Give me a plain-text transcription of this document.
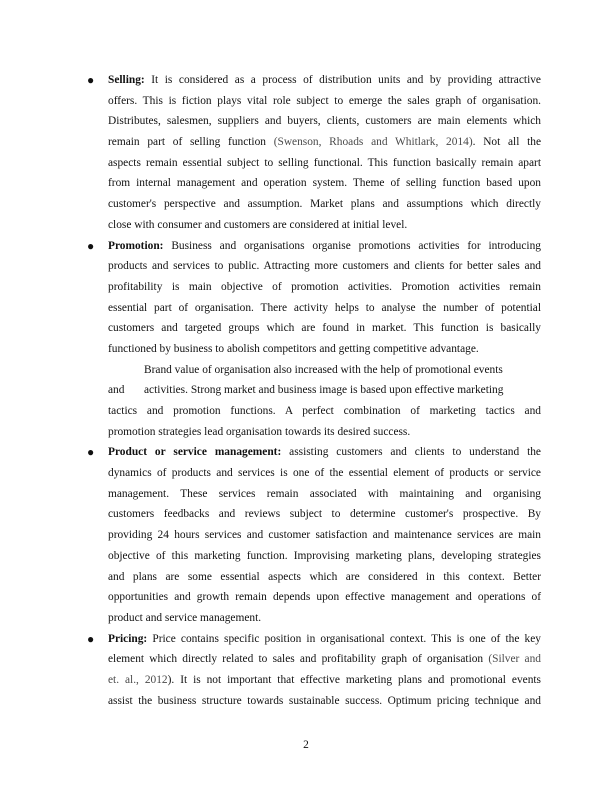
● Selling: It is considered as a process of distribution units and by providing attractive
offers. This is fiction plays vital role subject to emerge the sales graph of organisation.
Distributes, salesmen, suppliers and buyers, clients, customers are main elements which
remain part of selling function (Swenson, Rhoads and Whitlark, 2014). Not all the
aspects remain essential subject to selling functional. This function basically remain apart
from internal management and operation system. Theme of selling function based upon
customer's perspective and assumption. Market plans and assumptions which directly
close with consumer and customers are considered at initial level.
● Promotion: Business and organisations organise promotions activities for introducing
products and services to public. Attracting more customers and clients for better sales and
profitability is main objective of promotion activities. Promotion activities remain
essential part of organisation. There activity helps to analyse the number of potential
customers and targeted groups which are found in market. This function is basically
functioned by business to abolish competitors and getting competitive advantage.
Brand value of organisation also increased with the help of promotional events
and activities. Strong market and business image is based upon effective marketing
tactics and promotion functions. A perfect combination of marketing tactics and
promotion strategies lead organisation towards its desired success.
● Product or service management: assisting customers and clients to understand the
dynamics of products and services is one of the essential element of products or service
management. These services remain associated with maintaining and organising
customers feedbacks and reviews subject to determine customer's prospective. By
providing 24 hours services and customer satisfaction and maintenance services are main
objective of this marketing function. Improvising marketing plans, developing strategies
and plans are some essential aspects which are considered in this context. Better
opportunities and growth remain depends upon effective management and operations of
product and service management.
● Pricing: Price contains specific position in organisational context. This is one of the key
element which directly related to sales and profitability graph of organisation (Silver and
et. al., 2012). It is not important that effective marketing plans and promotional events
assist the business structure towards sustainable success. Optimum pricing technique and
2
